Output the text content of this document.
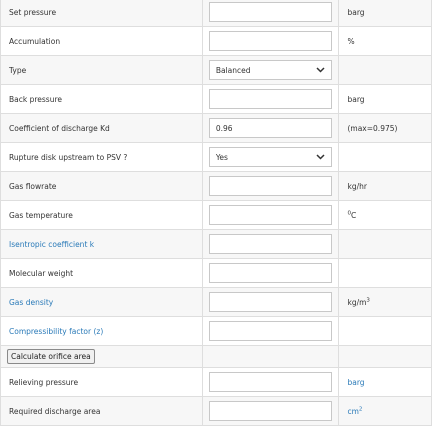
Set pressure		barg
Accumulation		%
Type	Balanced	

Back pressure		barg
Coefficient of discharge Kd	0.96	(max=0.975)
Rupture disk upstream to PSV ?	Yes	

Gas flowrate		kg/hr
Gas temperature		$^0$C
Isentropic coefficient k		
Molecular weight		
Gas density		$kg/m^3$
Compressibility factor (z)		
Calculate orifice area		
Relieving pressure		barg
Required discharge area		$cm^2$
